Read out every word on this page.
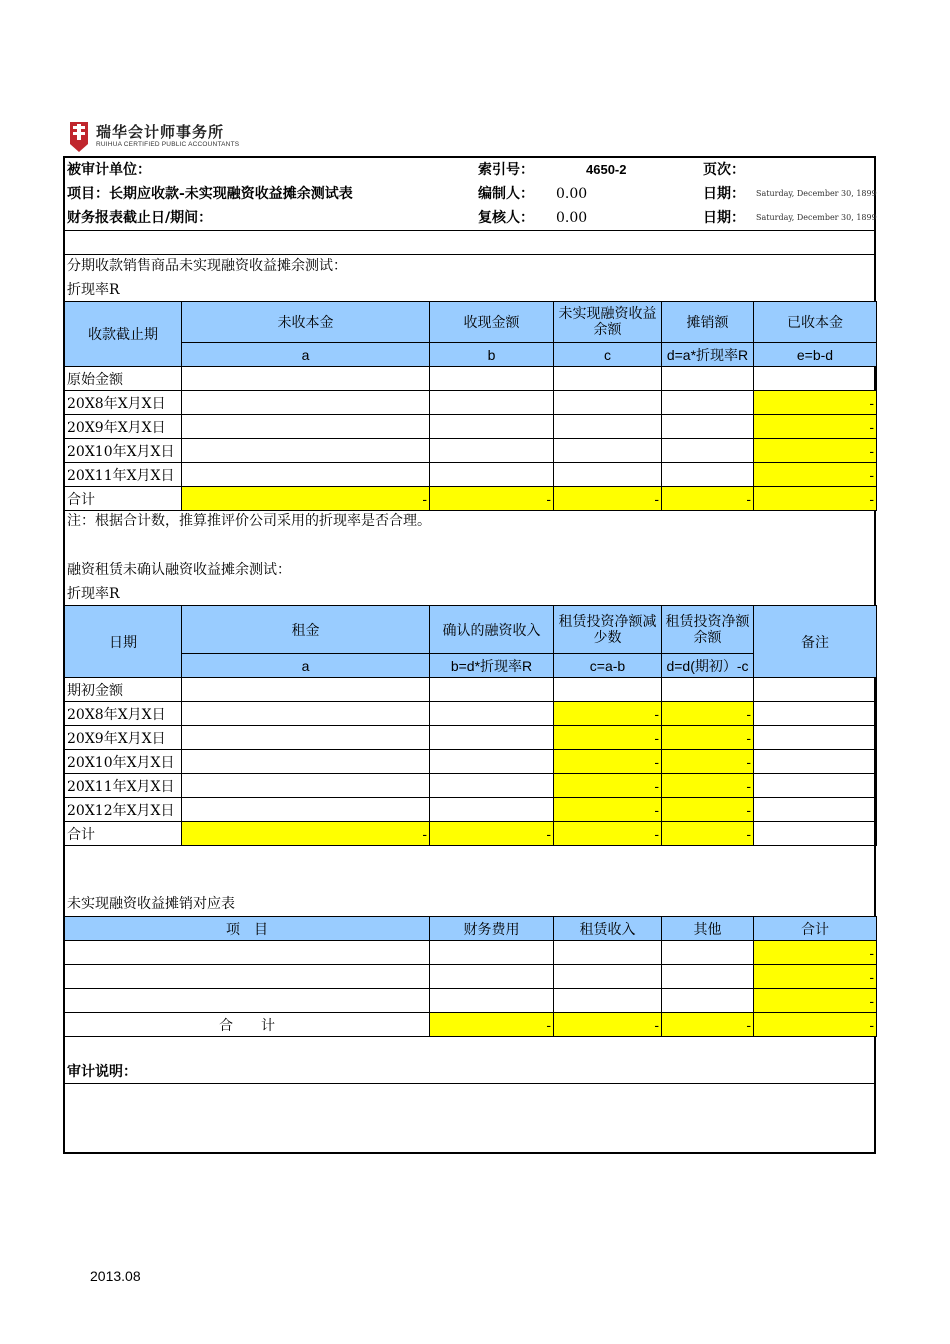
瑞华会计师事务所
RUIHUA CERTIFIED PUBLIC ACCOUNTANTS
被审计单位：
项目：长期应收款-未实现融资收益摊余测试表
财务报表截止日/期间：
索引号：	4650-2
编制人： 0.00
复核人： 0.00
页次：
日期： Saturday, December 30, 1899
日期： Saturday, December 30, 1899
分期收款销售商品未实现融资收益摊余测试：
折现率R
收款截止期	未收本金	收现金额	未实现融资收益余额	摊销额	已收本金
	a	b	c	d=a*折现率R	e=b-d
原始金额					
20X8年X月X日					-
20X9年X月X日					-
20X10年X月X日					-
20X11年X月X日					-
合计	-	-	-	-	-
注：根据合计数，推算推评价公司采用的折现率是否合理。
融资租赁未确认融资收益摊余测试：
折现率R
日期	租金	确认的融资收入	租赁投资净额减少数	租赁投资净额余额	备注
	a	b=d*折现率R	c=a-b	d=d(期初）-c	
期初金额					
20X8年X月X日			-	-	
20X9年X月X日			-	-	
20X10年X月X日			-	-	
20X11年X月X日			-	-	
20X12年X月X日			-	-	
合计	-	-	-	-	
未实现融资收益摊销对应表
项　目	财务费用	租赁收入	其他	合计
				-
				-
				-
合　　计	-	-	-	-
审计说明：
2013.08
